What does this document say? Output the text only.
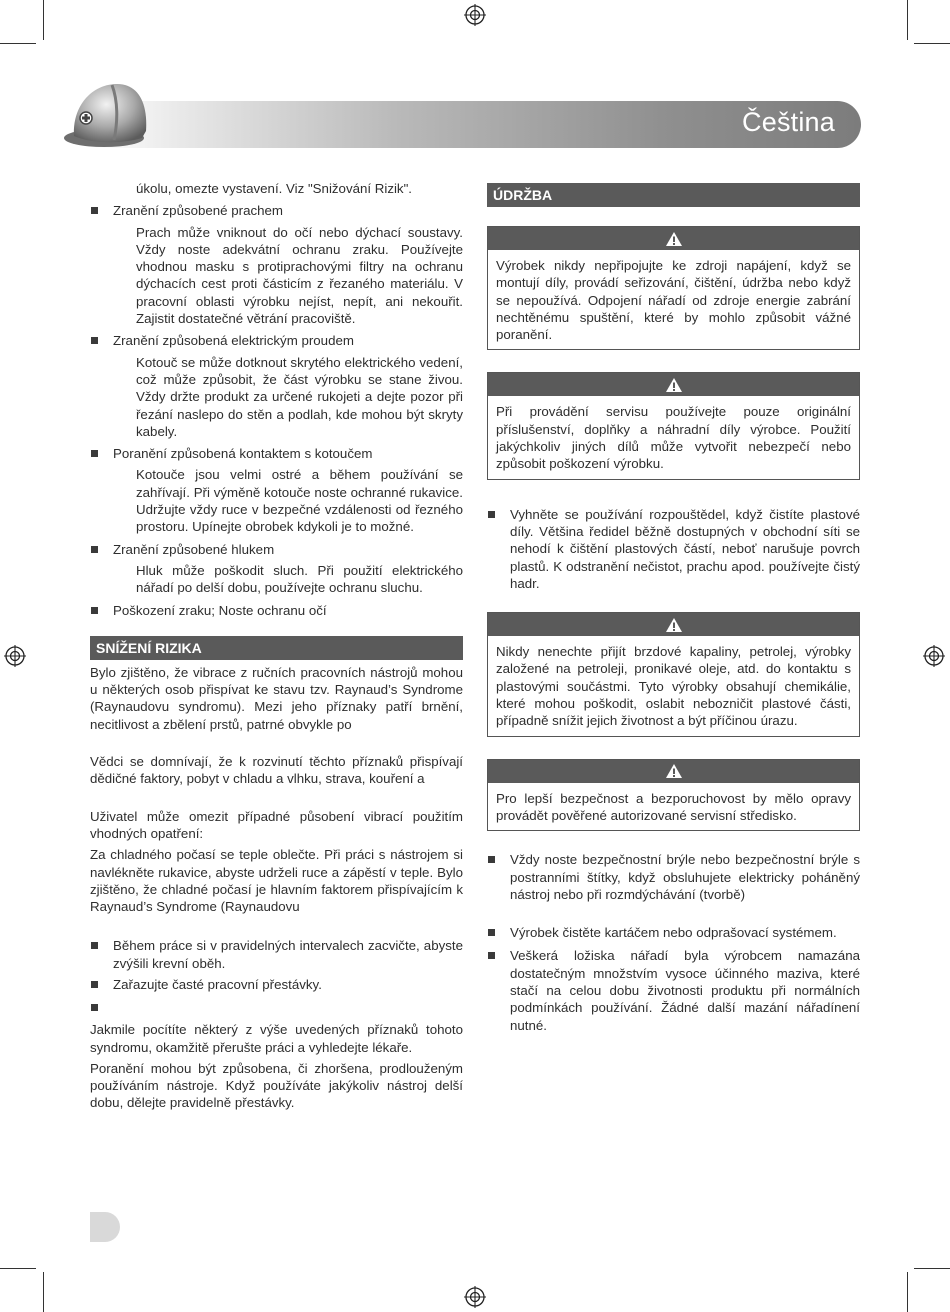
Čeština

úkolu, omezte vystavení. Viz "Snižování Rizik".

Zranění způsobené prachem

Prach může vniknout do očí nebo dýchací soustavy. Vždy noste adekvátní ochranu zraku. Používejte vhodnou masku s protiprachovými filtry na ochranu dýchacích cest proti částicím z řezaného materiálu. V pracovní oblasti výrobku nejíst, nepít, ani nekouřit. Zajistit dostatečné větrání pracoviště.

Zranění způsobená elektrickým proudem

Kotouč se může dotknout skrytého elektrického vedení, což může způsobit, že část výrobku se stane živou. Vždy držte produkt za určené rukojeti a dejte pozor při řezání naslepo do stěn a podlah, kde mohou být skryty kabely.

Poranění způsobená kontaktem s kotoučem

Kotouče jsou velmi ostré a během používání se zahřívají. Při výměně kotouče noste ochranné rukavice. Udržujte vždy ruce v bezpečné vzdálenosti od řezného prostoru. Upínejte obrobek kdykoli je to možné.

Zranění způsobené hlukem

Hluk může poškodit sluch. Při použití elektrického nářadí po delší dobu, používejte ochranu sluchu.

Poškození zraku; Noste ochranu očí

SNÍŽENÍ RIZIKA

Bylo zjištěno, že vibrace z ručních pracovních nástrojů mohou u některých osob přispívat ke stavu tzv. Raynaud’s Syndrome (Raynaudovu syndromu). Mezi jeho příznaky patří brnění, necitlivost a zbělení prstů, patrné obvykle po

Vědci se domnívají, že k rozvinutí těchto příznaků přispívají dědičné faktory, pobyt v chladu a vlhku, strava, kouření a

Uživatel může omezit případné působení vibrací použitím vhodných opatření:

Za chladného počasí se teple oblečte. Při práci s nástrojem si navlékněte rukavice, abyste udrželi ruce a zápěstí v teple. Bylo zjištěno, že chladné počasí je hlavním faktorem přispívajícím k Raynaud’s Syndrome (Raynaudovu

Během práce si v pravidelných intervalech zacvičte, abyste zvýšili krevní oběh.

Zařazujte časté pracovní přestávky.

Jakmile pocítíte některý z výše uvedených příznaků tohoto syndromu, okamžitě přerušte práci a vyhledejte lékaře.

Poranění mohou být způsobena, či zhoršena, prodlouženým používáním nástroje. Když používáte jakýkoliv nástroj delší dobu, dělejte pravidelně přestávky.

ÚDRŽBA
Výrobek nikdy nepřipojujte ke zdroji napájení, když se montují díly, provádí seřizování, čištění, údržba nebo když se nepoužívá. Odpojení nářadí od zdroje energie zabrání nechtěnému spuštění, které by mohlo způsobit vážné poranění.
Při provádění servisu používejte pouze originální příslušenství, doplňky a náhradní díly výrobce. Použití jakýchkoliv jiných dílů může vytvořit nebezpečí nebo způsobit poškození výrobku.

Vyhněte se používání rozpouštědel, když čistíte plastové díly. Většina ředidel běžně dostupných v obchodní síti se nehodí k čištění plastových částí, neboť narušuje povrch plastů. K odstranění nečistot, prachu apod. používejte čistý hadr.

Nikdy nenechte přijít brzdové kapaliny, petrolej, výrobky založené na petroleji, pronikavé oleje, atd. do kontaktu s plastovými součástmi. Tyto výrobky obsahují chemikálie, které mohou poškodit, oslabit nebozničit plastové části, případně snížit jejich životnost a být příčinou úrazu.
Pro lepší bezpečnost a bezporuchovost by mělo opravy provádět pověřené autorizované servisní středisko.

Vždy noste bezpečnostní brýle nebo bezpečnostní brýle s postranními štítky, když obsluhujete elektricky poháněný nástroj nebo při rozmdýchávání (tvorbě)

Výrobek čistěte kartáčem nebo odprašovací systémem.

Veškerá ložiska nářadí byla výrobcem namazána dostatečným množstvím vysoce účinného maziva, které stačí na celou dobu životnosti produktu při normálních podmínkách používání. Žádné další mazání nářadínení nutné.
